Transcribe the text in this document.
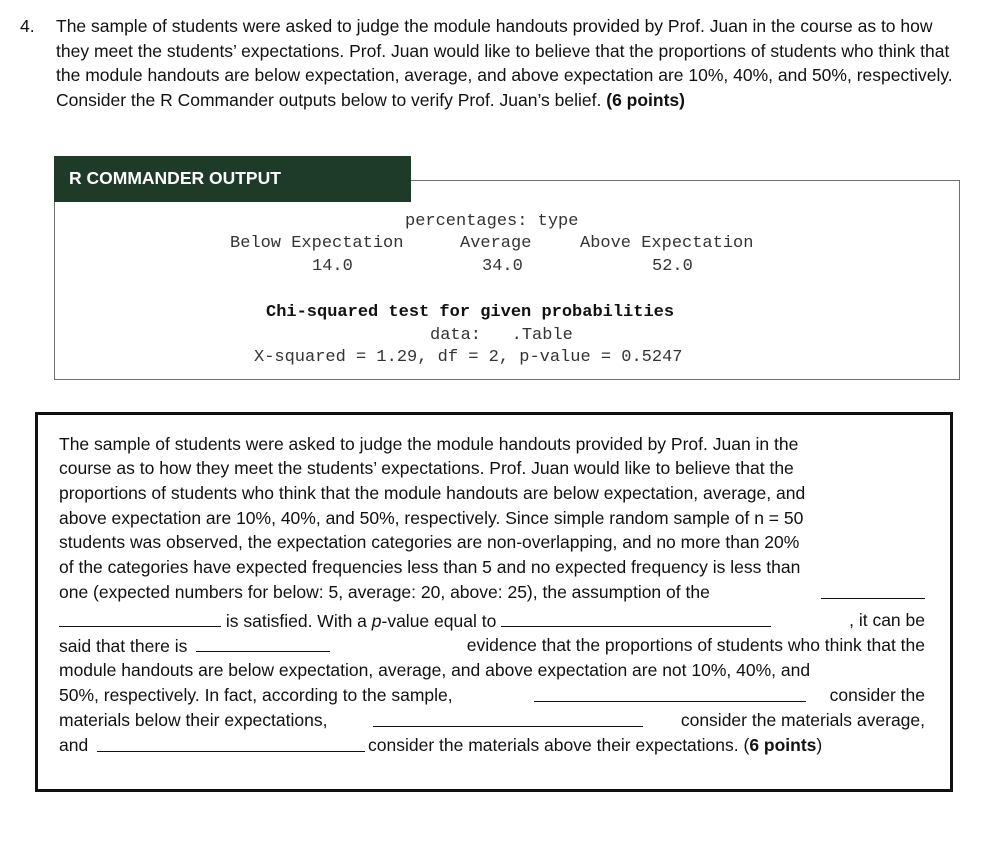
4. The sample of students were asked to judge the module handouts provided by Prof. Juan in the course as to how they meet the students’ expectations. Prof. Juan would like to believe that the proportions of students who think that the module handouts are below expectation, average, and above expectation are 10%, 40%, and 50%, respectively. Consider the R Commander outputs below to verify Prof. Juan’s belief. (6 points)
R COMMANDER OUTPUT
percentages: type
Below Expectation	Average	Above Expectation
14.0	34.0	52.0
Chi-squared test for given probabilities
data:   .Table
X-squared = 1.29, df = 2, p-value = 0.5247
The sample of students were asked to judge the module handouts provided by Prof. Juan in the
course as to how they meet the students’ expectations. Prof. Juan would like to believe that the
proportions of students who think that the module handouts are below expectation, average, and
above expectation are 10%, 40%, and 50%, respectively. Since simple random sample of n = 50
students was observed, the expectation categories are non-overlapping, and no more than 20%
of the categories have expected frequencies less than 5 and no expected frequency is less than
one (expected numbers for below: 5, average: 20, above: 25), the assumption of the
is satisfied. With a p-value equal to	, it can be
said that there is	evidence that the proportions of students who think that the
module handouts are below expectation, average, and above expectation are not 10%, 40%, and
50%, respectively. In fact, according to the sample,	consider the
materials below their expectations,	consider the materials average,
and	consider the materials above their expectations. (6 points)
